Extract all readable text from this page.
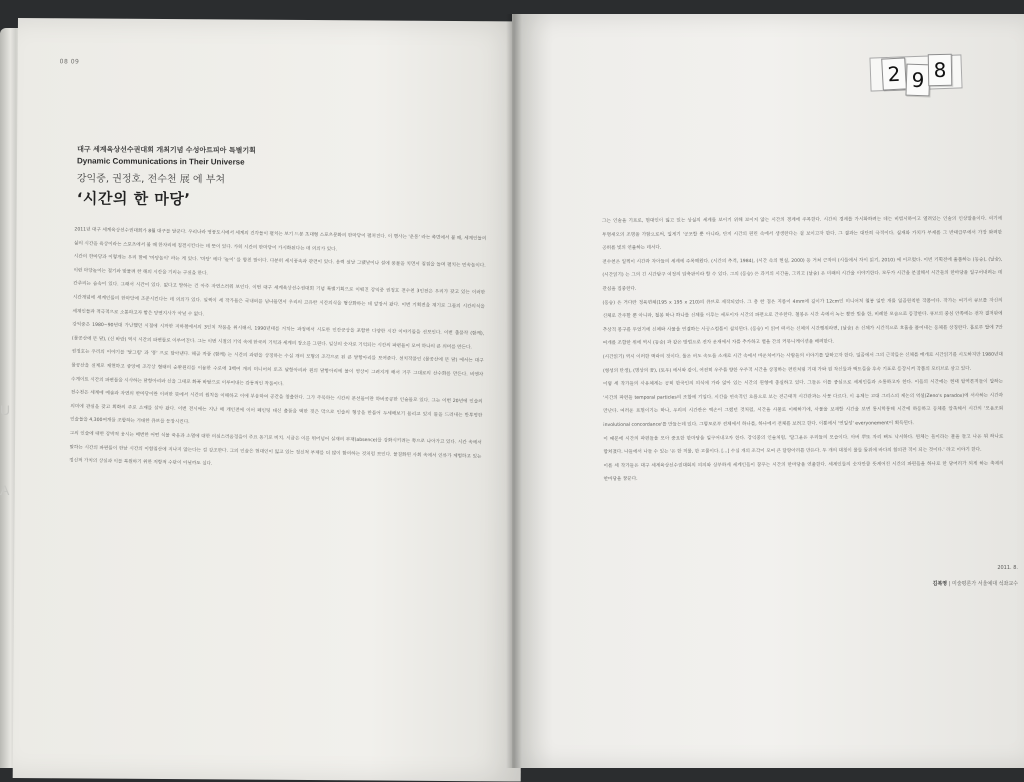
U
A
08 09
대구 세계육상선수권대회 개최기념 수성아트피아 특별기획
Dynamic Communications in Their Universe
강익중, 권정호, 전수천 展 에 부쳐
‘시간의 한 마당’

2011년 대구 세계육상선수권대회가 8월 대구를 달군다. 우리나라 영풍도시에서 세계의 건각들이 펼치는 보기 드문 초대형 스포츠문화의 한마당이 펼쳐진다. 이 행사는 '운동' 라는 측면에서 볼 때, 세계인들의 삶의 시간을 육상이라는 스포츠에서 볼 때 한자리에 집결시킨다는 데 뜻이 있다. 가히 시간의 한마당이 가시화된다는 데 의의가 있다.

시간의 한마당과 이렇게는 우리 말에 '마당놀이' 라는 게 있다. '마당' 에다 '놀이' 를 합친 말이다. 다분히 세시풍속과 관련이 있다. 음력 설날 그랬날이나 설에 풍물을 치면서 집집을 돌며 펼치는 민속놀이다. 이런 마당놀이는 절기와 맞물려 한 해의 시간을 기리는 구실을 한다.

간추리는 습속이 있다. 그래서 시간이 있다. 없다고 말하는 건 아주 자연스러워 보인다. 이번 대구 세계육상선수권대회 기념 특별기획으로 이뤄진 강익중 권정호 전수천 3인전은 우리가 갖고 있는 이러한 시간개념에 세계인들의 한마당에 조준시킨다는 데 의의가 있다. 일찍이 세 작가들은 국내외를 넘나들면서 우리의 고유한 시간의식을 형상화하는 데 앞장서 왔다. 이번 기획전을 계기로 그들의 시간의식을 세계인들과 적극적으로 소통하고자 함은 당연지사가 아닐 수 없다.

강익중은 1980~90년대 가난했던 시절에 시작한 지하철에서의 3인치 작품을 위시해서, 1990년대를 거치는 과정에서 시도한 인간군상을 포함한 다양한 시간 이야기들을 선보인다. 이번 출품작 (함께), (물공산에 뜬 달), (신 바람) 역시 시간의 파편들로 이루어진다. 그는 이번 시절의 기억 속에 한국의 기억과 세계의 장소를 그린다. 일상의 숫자로 기억되는 시간의 파편들이 모여 하나의 큰 의미를 만든다.

권정호는 우리의 이야기를 '달그림' 과 '풍' 으로 담아낸다. 해골 작품 (함께) 는 시간의 과편을 상징하는 수십 개의 모형의 조각으로 된 큰 달항아리를 보여준다. 설치작품인 (물공산에 뜬 달) 에서는 대구 물공산을 실제로 재현하고 중앙에 조각상 형태의 순환원리를 이용한 수로에 3백여 개의 미니어처 토즈 달항아리와 원의 달항아리에 물이 영상이 그려지게 해서 거꾸 그대로의 산수화를 만든다. 비엔자 수게이트 시간의 파편들을 시사하는 달항아리와 신을 그대로 화폭 바탕으로 이루어내는 감동적인 작품이다.

전수천은 세계에 예술과 자연의 한마당이란 이러한 뜻에서 시간의 원칙을 이해하고 이에 부응하여 공간을 창출한다. 그가 주목하는 시간의 본선들이란 하버공공한 인술들로 있다. 그는 이번 20년에 인술의 의미에 관심을 갖고 회화의 주로 소재를 살아 왔다. 이번 전시에는 지난 해 개인전에 이어 페인팅 대신 출품을 택한 젖은 막으로 인술의 형상을 만들어 두세해보기 틀리고 있지 틀을 드러내는 반투명한 인술들을 4,300여개를 조합하는 거대한 큐브를 등장시킨다.

그의 인술에 대한 강박적 웅시는 매번한 어떤 식물 죽음과 소멸에 대한 의심스러움정을이 주요 동기로 비치. 시금은 이를 뛰어넘어 실재의 부재(absence)를 강화시키려는 쪽으로 나아가고 있다. 시간 속에서 말하는 시간의 파편들이 한낱 시간의 이합집산에 지나지 않는다는 걸 강조한다. 그의 인술은 현대인이 잃고 있는 정신적 부재를 더 많이 함의하는 것처럼 보인다. 물질화된 사회 속에서 인류가 제험하고 있는 정신적 가치의 상실과 이를 복원하기 위한 저항적 수단이 아닐까도 싶다.

2 9 8

그는 인술을 기표로, 현대인이 잃고 있는 상실의 세계를 보이기 위해 보이지 않는 시간의 경계에 주목한다. 시간의 경계를 가시화하려는 데는 비범시하이고 열려있는 인술의 인상말을이다. 여기에 투명새오의 조명을 가함으로써, 일게기 '공포할 뿐 아니라, 단지 시간의 편린 속에서 생생한다는 걸 보이고자 한다. 그 결과는 대단히 극적이다. 실재와 가치가 부재를 그 반대급부에서 가장 화려한 공허를 빛의 연출하는 데서다.

전수천은 일찍이 시간과 자아들의 세계에 주목해왔다. (시간의 추격, 1984), (시간 속의 현실, 2000) 등 거쳐 근작의 (시들에서 차이 읽기, 2010) 에 이르렀다. 이번 기획전에 출품하는 (동승), (날숨), (시간읽기) 는 그의 긴 시간탐구 여정의 압축판이라 할 수 있다. 그의 (동승) 은 과거의 시간을, 그리고 (날숨) 은 미래의 시간을 이야기한다. 모두가 시간을 분절해서 시간들의 한마당을 일구어내려는 데 관심을 집중한다.

(동승) 은 거다란 정육면체(195 x 195 x 210)의 큐브로 제작되었다. 그 총 한 점은 지름이 4mm에 길이가 12cm인 미니어처 철봉 일만 개를 일곱원칙한 작품이다. 작가는 여기서 큐브를 자신의 신체로 간주할 뿐 아니라, 철봉 하나 하나를 신체를 이루는 세포이자 시간의 파편으로 간주한다. 철봉은 시간 속에서 녹는 뿐만 빛을 한, 비례한 모습으로 등장한다. 큐브의 중심 안쪽에는 전자 결저판에 추상적 몽구를 두었기에 신체와 사물을 연결하는 사공스럼틀이 설치된다. (동승) 이 읽어 떠서는 신체의 시간행위라면, (날숨) 은 신체가 시간적으로 호흡을 풀어내는 동체를 상징한다. 흡로부 딸에 7만 여개를 조합한 위에 역시 (동승) 과 같은 방법으로 전자 운재에서 자를 추가하고 별을 간의 커뮤니케이션을 배려한다.

(시간읽기) 역시 이러한 맥락의 것이다. 둘은 여도 속도를 소재로 시간 속에서 바운처어가는 사람들의 이야기를 말하고자 한다. 일곱에서 그의 근작들은 신체를 매개로 시간읽기를 시도하지만 1980년대 (형성의 탄생), (명상의 꿈), (토우) 에서와 같이, 여전히 우주를 향한 우주적 시간을 상징하는 편린처럼 기대 가와 원 작신들과 백트들을 후속 기표로 등장시켜 작품의 모티브로 삼고 있다.

이렇 세 작가들의 사유체계는 공히 한국인의 의식에 가라 앉아 있는 시간의 원형에 충실하고 있다. 그들은 이를 중심으로 세계인들과 소통하고자 한다. 이들의 시간에는 현대 탈역론적들이 말하는 '시간의 파편들 temporal particles의 조합에 기입다. 시간을 연속적인 흐름으로 보는 전근대적 시간관과는 사뭇 다르다. 이 유체는 고대 그리스의 제논의 역설(Zeno's paradox)에 서사하는 시간과 만난다. 여러운 표현이기는 하나, 우리의 시간관은 맥손이 그랬던 것처럼, 시간을 사물로 이해하기에, 사물을 보재할 시간을 보면 통시학통해 시간에 하동하고 동체를 압축해서 시간의 '모음조회 involutional concordance'를 만들는데 있다. 그렇모로부 전체에서 하나를, 하나에서 전체를 보려고 한다. 이뿐에서 '연일성' everyonement이 획득된다.

이 때문에 시간의 파편들을 모아 중요한 한마당을 일구어내고자 한다. 강익중의 인술처럼, '달그윤은 우리들의 모습이다. 아버 뿌또 자리 뻐도 낙서하다. 뭔체는 들이라는 물을 들고 나온 뭐 하나로 합쳐졌다. 나들에서 나들 수 있는 '은 한 적물, 한 고물이다. [...] 수십 개의 조각이 모여 큰 달항아리를 만든다. 두 개의 대칭이 물들 돌위에 바다의 함의관 적이 되는 것이다.' 라고 이야기 한다.

이를 세 작가들은 대구 세계육상선수권대회의 의의와 상부하게 세계인들이 꿈꾸는 시간의 한마당을 연출한다. 세계인들의 숫자만큼 뜻계어진 시간의 파편들을 하나로 한 당어리가 되게 하는 축제의 한마당을 꿈꾼다.

2011. 8.
김복영 | 미술평론가 서울예대 석좌교수
